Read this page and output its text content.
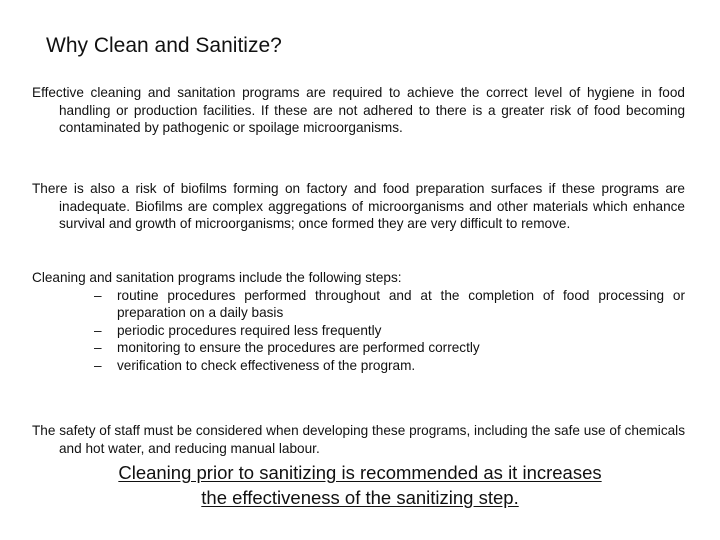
Why Clean and Sanitize?

Effective cleaning and sanitation programs are required to achieve the correct level of hygiene in food handling or production facilities. If these are not adhered to there is a greater risk of food becoming contaminated by pathogenic or spoilage microorganisms.

There is also a risk of biofilms forming on factory and food preparation surfaces if these programs are inadequate. Biofilms are complex aggregations of microorganisms and other materials which enhance survival and growth of microorganisms; once formed they are very difficult to remove.

Cleaning and sanitation programs include the following steps:
– routine procedures performed throughout and at the completion of food processing or preparation on a daily basis
– periodic procedures required less frequently
– monitoring to ensure the procedures are performed correctly
– verification to check effectiveness of the program.

The safety of staff must be considered when developing these programs, including the safe use of chemicals and hot water, and reducing manual labour.

Cleaning prior to sanitizing is recommended as it increases
the effectiveness of the sanitizing step.
